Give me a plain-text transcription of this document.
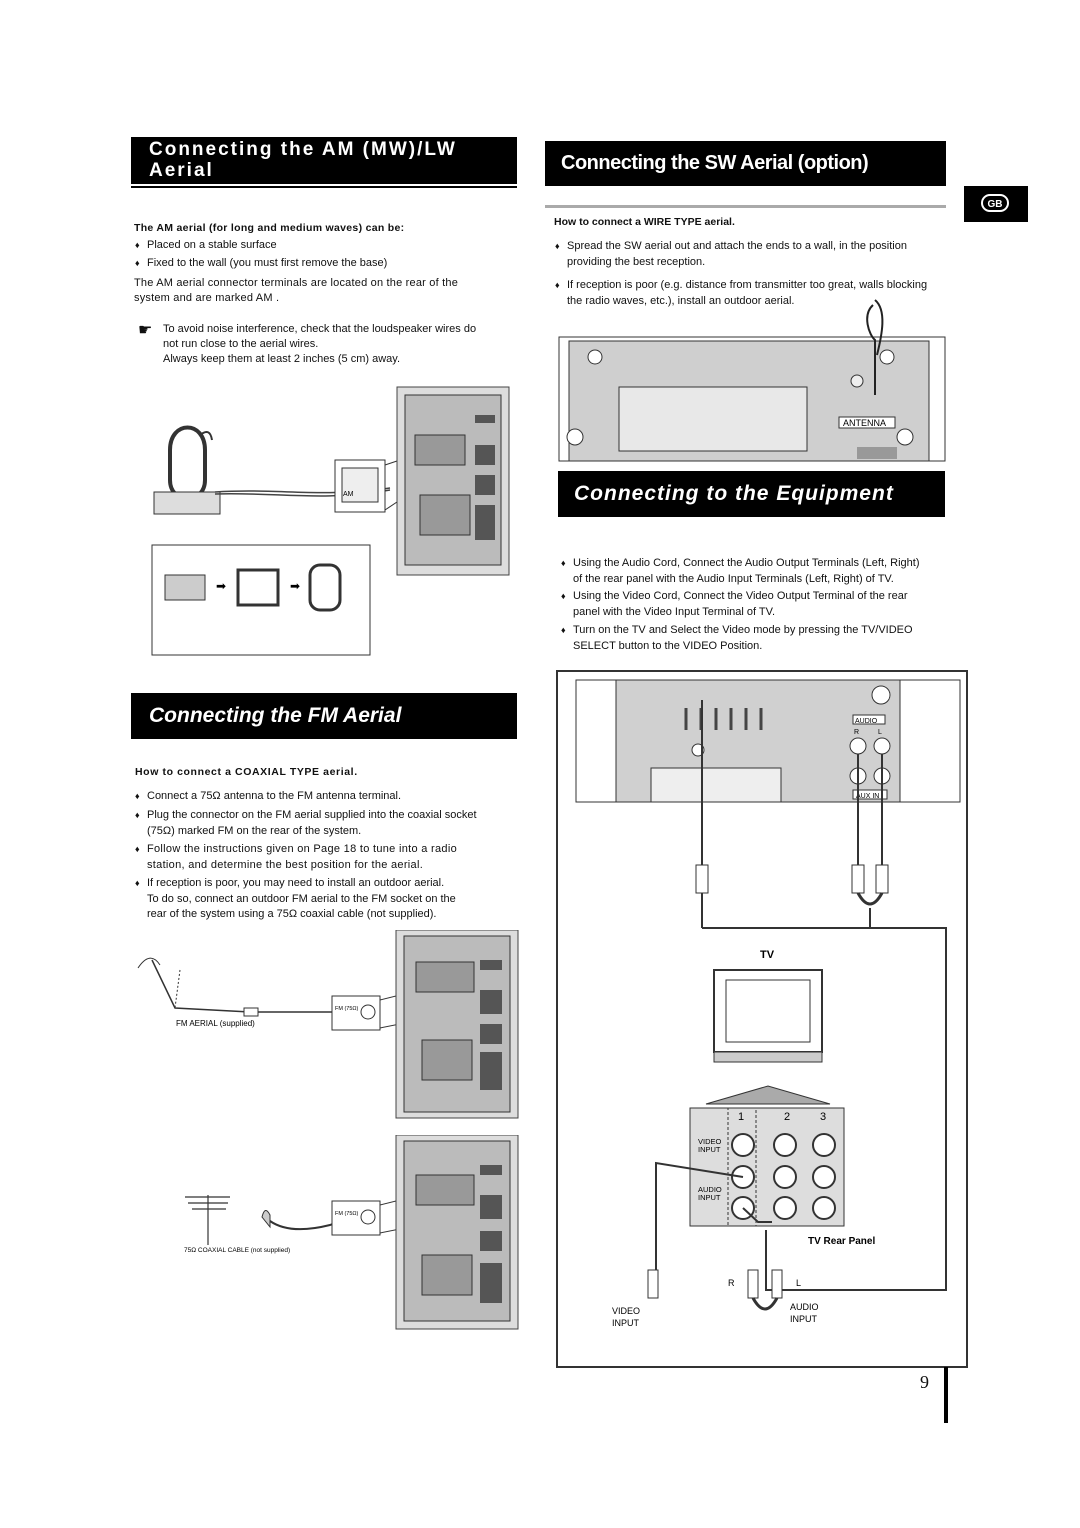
Connecting the AM (MW)/LW
Aerial
The AM aerial (for long and medium waves) can be:
♦ Placed on a stable surface
♦ Fixed to the wall (you must first remove the base)
The AM aerial connector terminals are located on the rear of the
system and are marked AM .
☛ To avoid noise interference, check that the loudspeaker wires do
not run close to the aerial wires.
Always keep them at least 2 inches (5 cm) away.
AM
➡	➡
Connecting the SW Aerial (option)
GB
How to connect a WIRE TYPE aerial.
♦ Spread the SW aerial out and attach the ends to a wall, in the position
providing the best reception.
♦ If reception is poor (e.g. distance from transmitter too great, walls blocking
the radio waves, etc.), install an outdoor aerial.
ANTENNA
Connecting to the Equipment
♦ Using the Audio Cord, Connect the Audio Output Terminals (Left, Right)
of the rear panel with the Audio Input Terminals (Left, Right) of TV.
♦ Using the Video Cord, Connect the Video Output Terminal of the rear
panel with the Video Input Terminal of TV.
♦ Turn on the TV and Select the Video mode by pressing the TV/VIDEO
SELECT button to the VIDEO Position.
AUDIO
R	L
AUX IN
TV
1	2	3
VIDEO
INPUT
AUDIO
INPUT
TV Rear Panel
R	L
VIDEO
INPUT
AUDIO
INPUT
Connecting the FM Aerial
How to connect a COAXIAL TYPE aerial.
♦ Connect a 75Ω antenna to the FM antenna terminal.
♦ Plug the connector on the FM aerial supplied into the coaxial socket
(75Ω) marked FM on the rear of the system.
♦ Follow the instructions given on Page 18 to tune into a radio
station, and determine the best position for the aerial.
♦ If reception is poor, you may need to install an outdoor aerial.
To do so, connect an outdoor FM aerial to the FM socket on the
rear of the system using a 75Ω coaxial cable (not supplied).
FM AERIAL (supplied)
FM (75Ω)
75Ω COAXIAL CABLE (not supplied)
FM (75Ω)
9
